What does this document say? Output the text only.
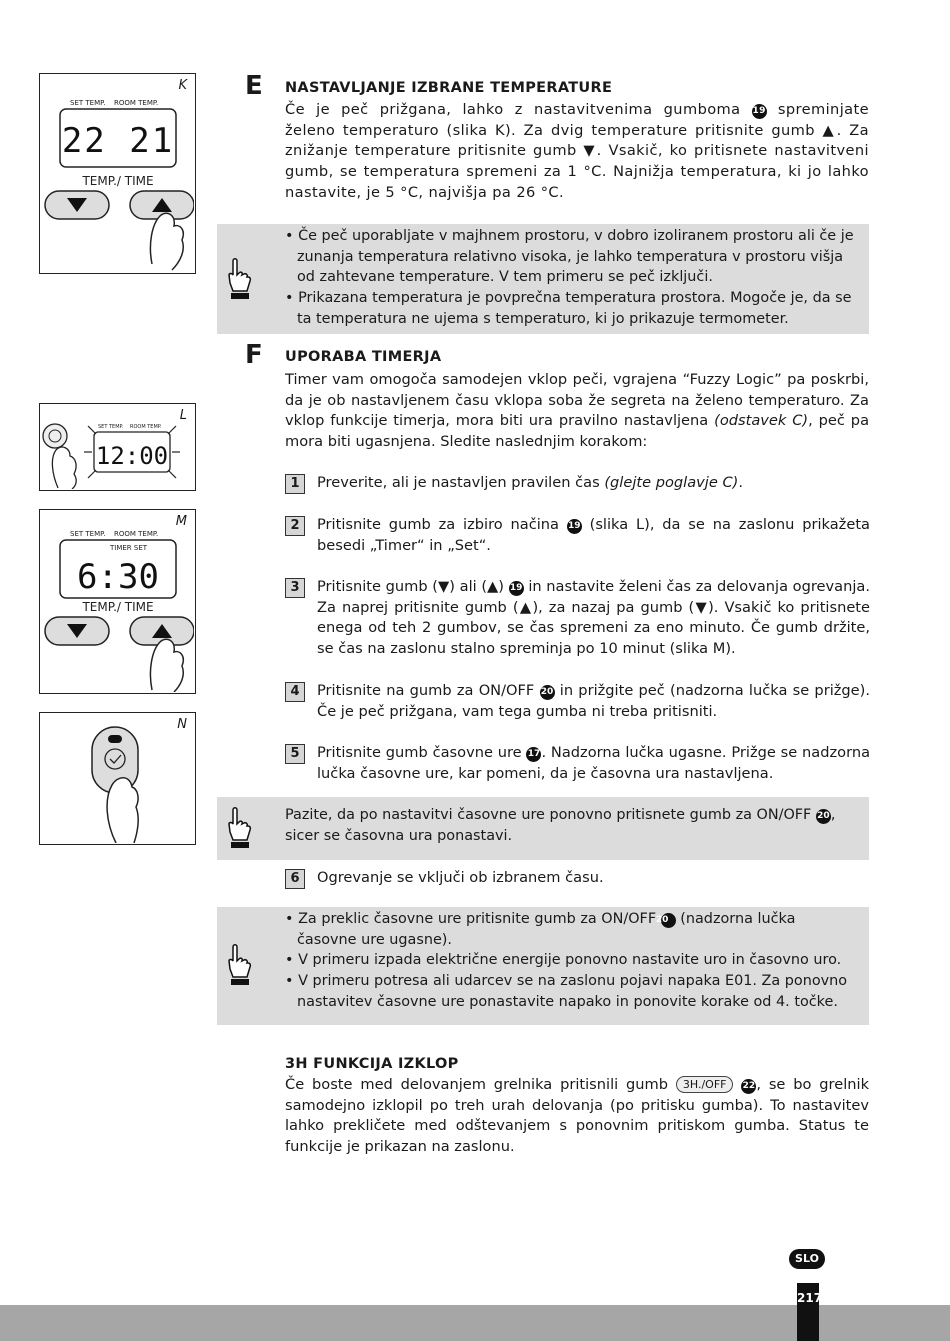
K
SET TEMP. ROOM TEMP.
22 21
TEMP./ TIME
L
SET TEMP. ROOM TEMP.
12:00
M
SET TEMP. ROOM TEMP.
TIMER SET
6:30
TEMP./ TIME
N
E NASTAVLJANJE IZBRANE TEMPERATURE
Če je peč prižgana, lahko z nastavitvenima gumboma 19 spreminjate želeno temperaturo (slika K). Za dvig temperature pritisnite gumb ▲. Za znižanje temperature pritisnite gumb ▼. Vsakič, ko pritisnete nastavitveni gumb, se temperatura spremeni za 1 °C. Najnižja temperatura, ki jo lahko nastavite, je 5 °C, najvišja pa 26 °C.
• Če peč uporabljate v majhnem prostoru, v dobro izoliranem prostoru ali če je zunanja temperatura relativno visoka, je lahko temperatura v prostoru višja od zahtevane temperature. V tem primeru se peč izključi.
• Prikazana temperatura je povprečna temperatura prostora. Mogoče je, da se ta temperatura ne ujema s temperaturo, ki jo prikazuje termometer.
F UPORABA TIMERJA
Timer vam omogoča samodejen vklop peči, vgrajena “Fuzzy Logic” pa poskrbi, da je ob nastavljenem času vklopa soba že segreta na želeno temperaturo. Za vklop funkcije timerja, mora biti ura pravilno nastavljena (odstavek C), peč pa mora biti ugasnjena. Sledite naslednjim korakom:
1	Preverite, ali je nastavljen pravilen čas (glejte poglavje C).
2	Pritisnite gumb za izbiro načina 19 (slika L), da se na zaslonu prikažeta besedi „Timer“ in „Set“.
3	Pritisnite gumb (▼) ali (▲) 19 in nastavite želeni čas za delovanja ogrevanja. Za naprej pritisnite gumb (▲), za nazaj pa gumb (▼). Vsakič ko pritisnete enega od teh 2 gumbov, se čas spremeni za eno minuto. Če gumb držite, se čas na zaslonu stalno spreminja po 10 minut (slika M).
4	Pritisnite na gumb za ON/OFF 20 in prižgite peč (nadzorna lučka se prižge). Če je peč prižgana, vam tega gumba ni treba pritisniti.
5	Pritisnite gumb časovne ure 17. Nadzorna lučka ugasne. Prižge se nadzorna lučka časovne ure, kar pomeni, da je časovna ura nastavljena.
Pazite, da po nastavitvi časovne ure ponovno pritisnete gumb za ON/OFF 20, sicer se časovna ura ponastavi.
6	Ogrevanje se vključi ob izbranem času.
• Za preklic časovne ure pritisnite gumb za ON/OFF 20 (nadzorna lučka časovne ure ugasne).
• V primeru izpada električne energije ponovno nastavite uro in časovno uro.
• V primeru potresa ali udarcev se na zaslonu pojavi napaka E01. Za ponovno nastavitev časovne ure ponastavite napako in ponovite korake od 4. točke.
3H FUNKCIJA IZKLOP
Če boste med delovanjem grelnika pritisnili gumb 3H./OFF 22, se bo grelnik samodejno izklopil po treh urah delovanja (po pritisku gumba). To nastavitev lahko prekličete med odštevanjem s ponovnim pritiskom gumba. Status te funkcije je prikazan na zaslonu.
SLO
217
